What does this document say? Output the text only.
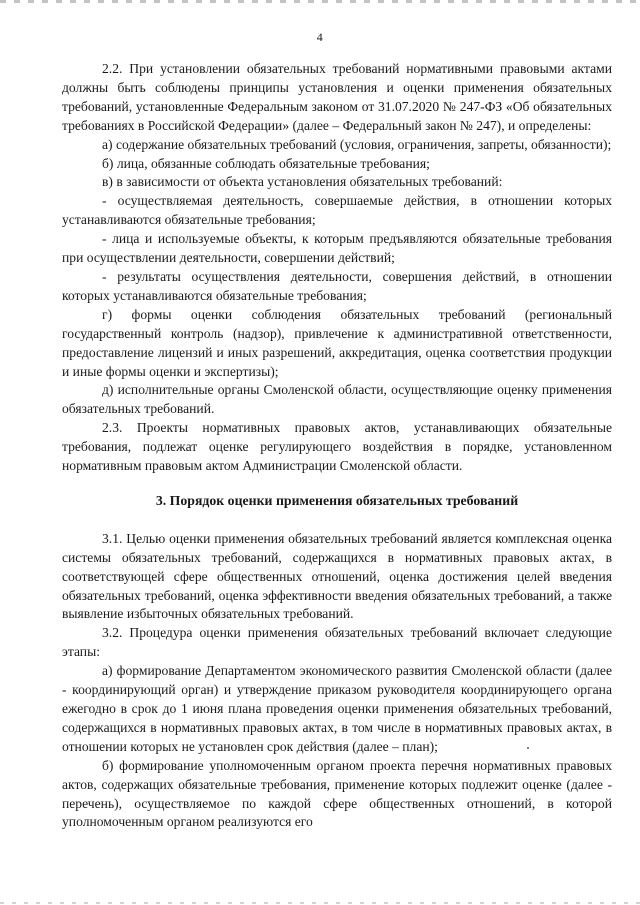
4

2.2. При установлении обязательных требований нормативными правовыми актами должны быть соблюдены принципы установления и оценки применения обязательных требований, установленные Федеральным законом от 31.07.2020 № 247-ФЗ «Об обязательных требованиях в Российской Федерации» (далее – Федеральный закон № 247), и определены:

а) содержание обязательных требований (условия, ограничения, запреты, обязанности);

б) лица, обязанные соблюдать обязательные требования;

в) в зависимости от объекта установления обязательных требований:

- осуществляемая деятельность, совершаемые действия, в отношении которых устанавливаются обязательные требования;

- лица и используемые объекты, к которым предъявляются обязательные требования при осуществлении деятельности, совершении действий;

- результаты осуществления деятельности, совершения действий, в отношении которых устанавливаются обязательные требования;

г) формы оценки соблюдения обязательных требований (региональный государственный контроль (надзор), привлечение к административной ответственности, предоставление лицензий и иных разрешений, аккредитация, оценка соответствия продукции и иные формы оценки и экспертизы);

д) исполнительные органы Смоленской области, осуществляющие оценку применения обязательных требований.

2.3. Проекты нормативных правовых актов, устанавливающих обязательные требования, подлежат оценке регулирующего воздействия в порядке, установленном нормативным правовым актом Администрации Смоленской области.

3. Порядок оценки применения обязательных требований

3.1. Целью оценки применения обязательных требований является комплексная оценка системы обязательных требований, содержащихся в нормативных правовых актах, в соответствующей сфере общественных отношений, оценка достижения целей введения обязательных требований, оценка эффективности введения обязательных требований, а также выявление избыточных обязательных требований.

3.2. Процедура оценки применения обязательных требований включает следующие этапы:

а) формирование Департаментом экономического развития Смоленской области (далее - координирующий орган) и утверждение приказом руководителя координирующего органа ежегодно в срок до 1 июня плана проведения оценки применения обязательных требований, содержащихся в нормативных правовых актах, в том числе в нормативных правовых актах, в отношении которых не установлен срок действия (далее – план);

б) формирование уполномоченным органом проекта перечня нормативных правовых актов, содержащих обязательные требования, применение которых подлежит оценке (далее - перечень), осуществляемое по каждой сфере общественных отношений, в которой уполномоченным органом реализуются его
